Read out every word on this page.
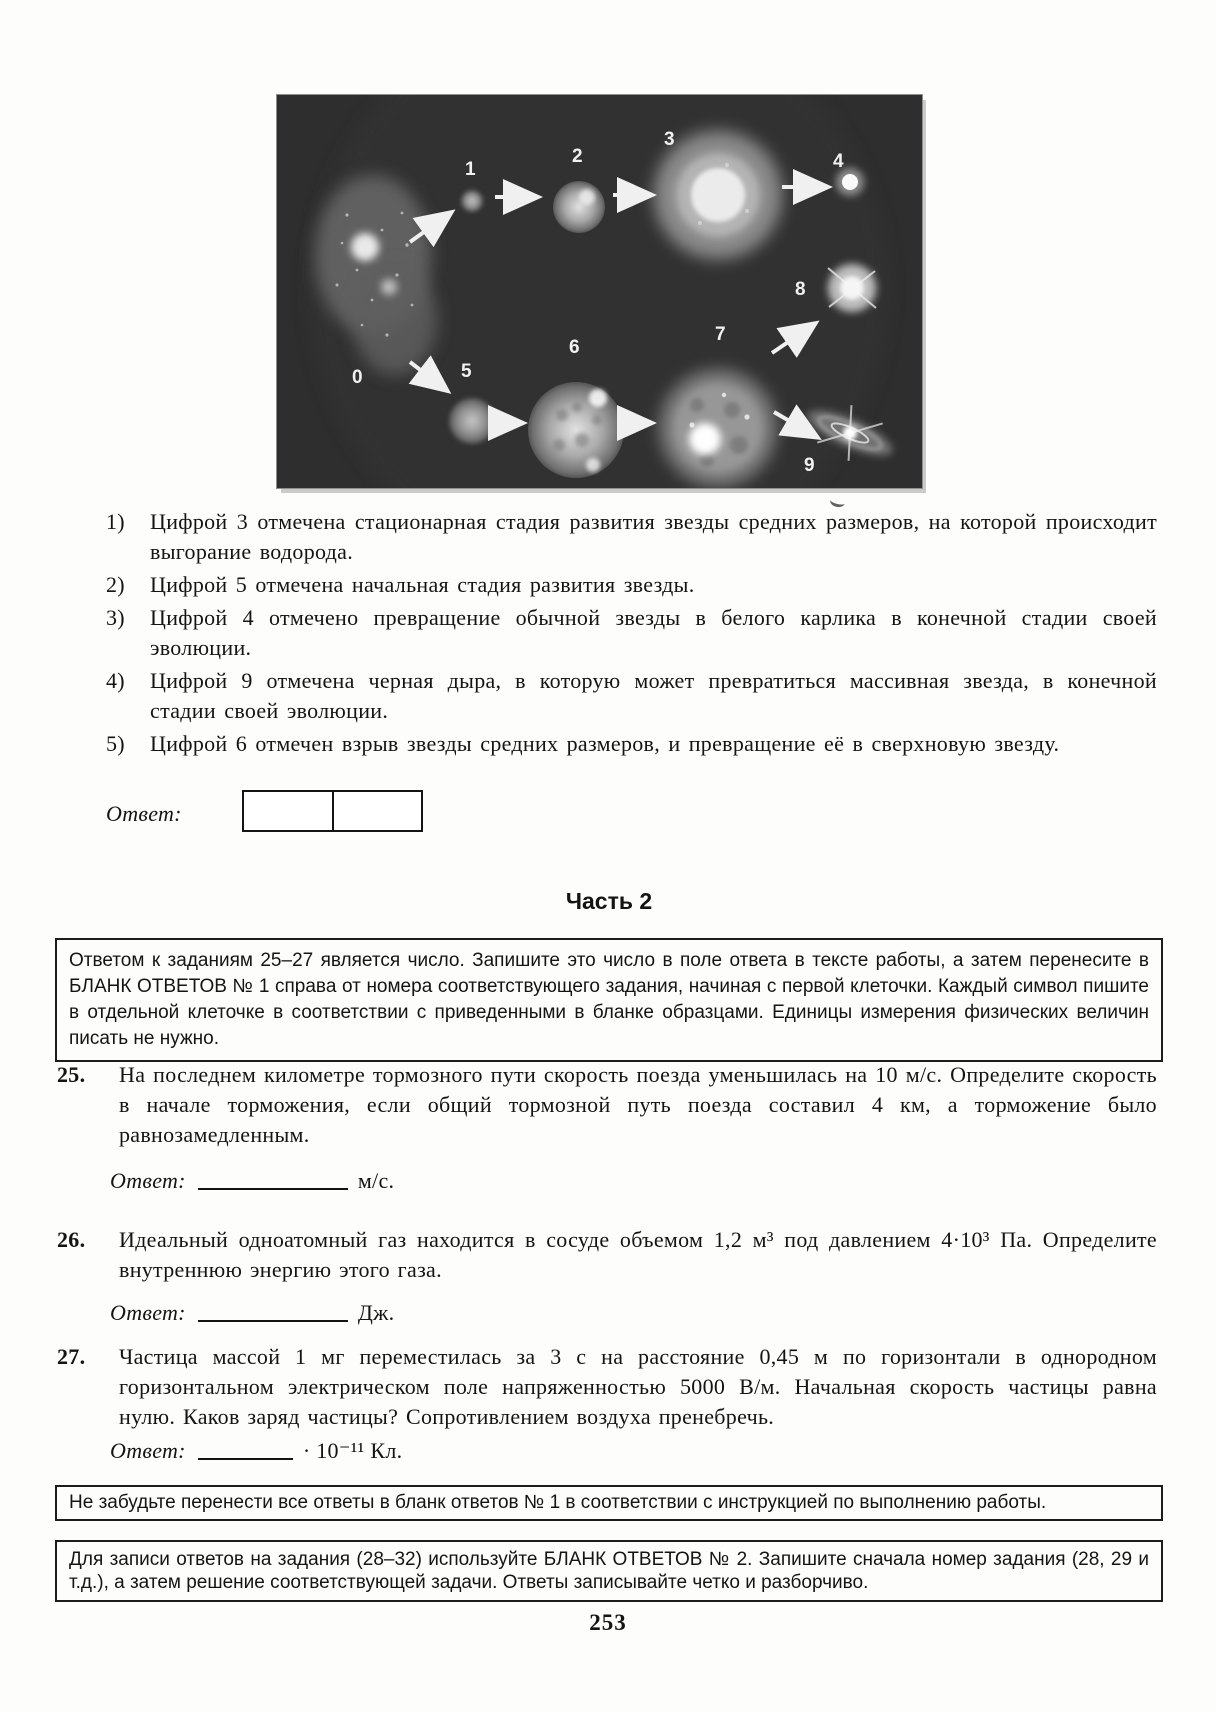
0
1
2
3
4
5
6
7
8
9
1)	Цифрой 3 отмечена стационарная стадия развития звезды средних размеров, на которой происходит выгорание водорода.
2)	Цифрой 5 отмечена начальная стадия развития звезды.
3)	Цифрой 4 отмечено превращение обычной звезды в белого карлика в конечной стадии своей эволюции.
4)	Цифрой 9 отмечена черная дыра, в которую может превратиться массивная звезда, в конечной стадии своей эволюции.
5)	Цифрой 6 отмечен взрыв звезды средних размеров, и превращение её в сверхновую звезду.
Ответ:
Часть 2
Ответом к заданиям 25–27 является число. Запишите это число в поле ответа в тексте работы, а затем перенесите в БЛАНК ОТВЕТОВ № 1 справа от номера соответствующего задания, начиная с первой клеточки. Каждый символ пишите в отдельной клеточке в соответствии с приведенными в бланке образцами. Единицы измерения физических величин писать не нужно.
25.	На последнем километре тормозного пути скорость поезда уменьшилась на 10 м/с. Определите скорость в начале торможения, если общий тормозной путь поезда составил 4 км, а торможение было равнозамедленным.
Ответ:	м/с.
26.	Идеальный одноатомный газ находится в сосуде объемом 1,2 м³ под давлением 4·10³ Па. Определите внутреннюю энергию этого газа.
Ответ:	Дж.
27.	Частица массой 1 мг переместилась за 3 с на расстояние 0,45 м по горизонтали в однородном горизонтальном электрическом поле напряженностью 5000 В/м. Начальная скорость частицы равна нулю. Каков заряд частицы? Сопротивлением воздуха пренебречь.
Ответ:	· 10⁻¹¹ Кл.
Не забудьте перенести все ответы в бланк ответов № 1 в соответствии с инструкцией по выполнению работы.
Для записи ответов на задания (28–32) используйте БЛАНК ОТВЕТОВ № 2. Запишите сначала номер задания (28, 29 и т.д.), а затем решение соответствующей задачи. Ответы записывайте четко и разборчиво.
253
